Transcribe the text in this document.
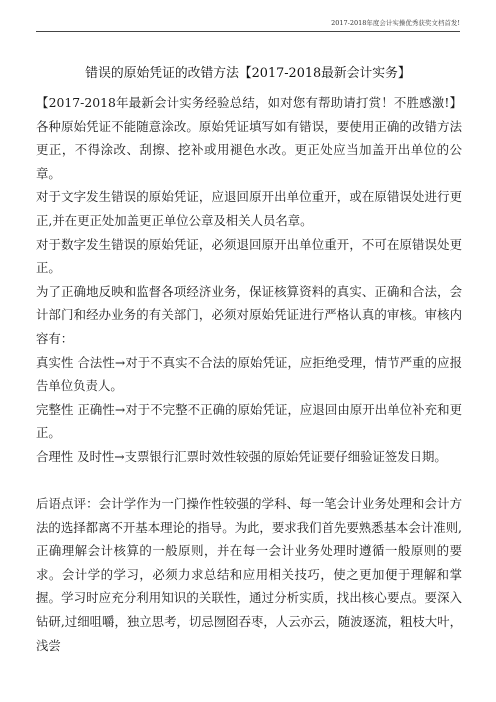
2017-2018年度会计实操优秀获奖文档首发!
错误的原始凭证的改错方法【2017-2018最新会计实务】

【2017-2018年最新会计实务经验总结，如对您有帮助请打赏！不胜感激!】各种原始凭证不能随意涂改。原始凭证填写如有错误，要使用正确的改错方法更正，不得涂改、刮擦、挖补或用褪色水改。更正处应当加盖开出单位的公章。

对于文字发生错误的原始凭证，应退回原开出单位重开，或在原错误处进行更正,并在更正处加盖更正单位公章及相关人员名章。

对于数字发生错误的原始凭证，必须退回原开出单位重开，不可在原错误处更正。

为了正确地反映和监督各项经济业务，保证核算资料的真实、正确和合法，会计部门和经办业务的有关部门，必须对原始凭证进行严格认真的审核。审核内容有：

真实性 合法性→对于不真实不合法的原始凭证，应拒绝受理，情节严重的应报告单位负责人。

完整性 正确性→对于不完整不正确的原始凭证，应退回由原开出单位补充和更正。

合理性 及时性→支票银行汇票时效性较强的原始凭证要仔细验证签发日期。

后语点评：会计学作为一门操作性较强的学科、每一笔会计业务处理和会计方法的选择都离不开基本理论的指导。为此，要求我们首先要熟悉基本会计准则,正确理解会计核算的一般原则，并在每一会计业务处理时遵循一般原则的要求。会计学的学习，必须力求总结和应用相关技巧，使之更加便于理解和掌握。学习时应充分利用知识的关联性，通过分析实质，找出核心要点。要深入钻研,过细咀嚼，独立思考，切忌囫囵吞枣，人云亦云，随波逐流，粗枝大叶，浅尝
